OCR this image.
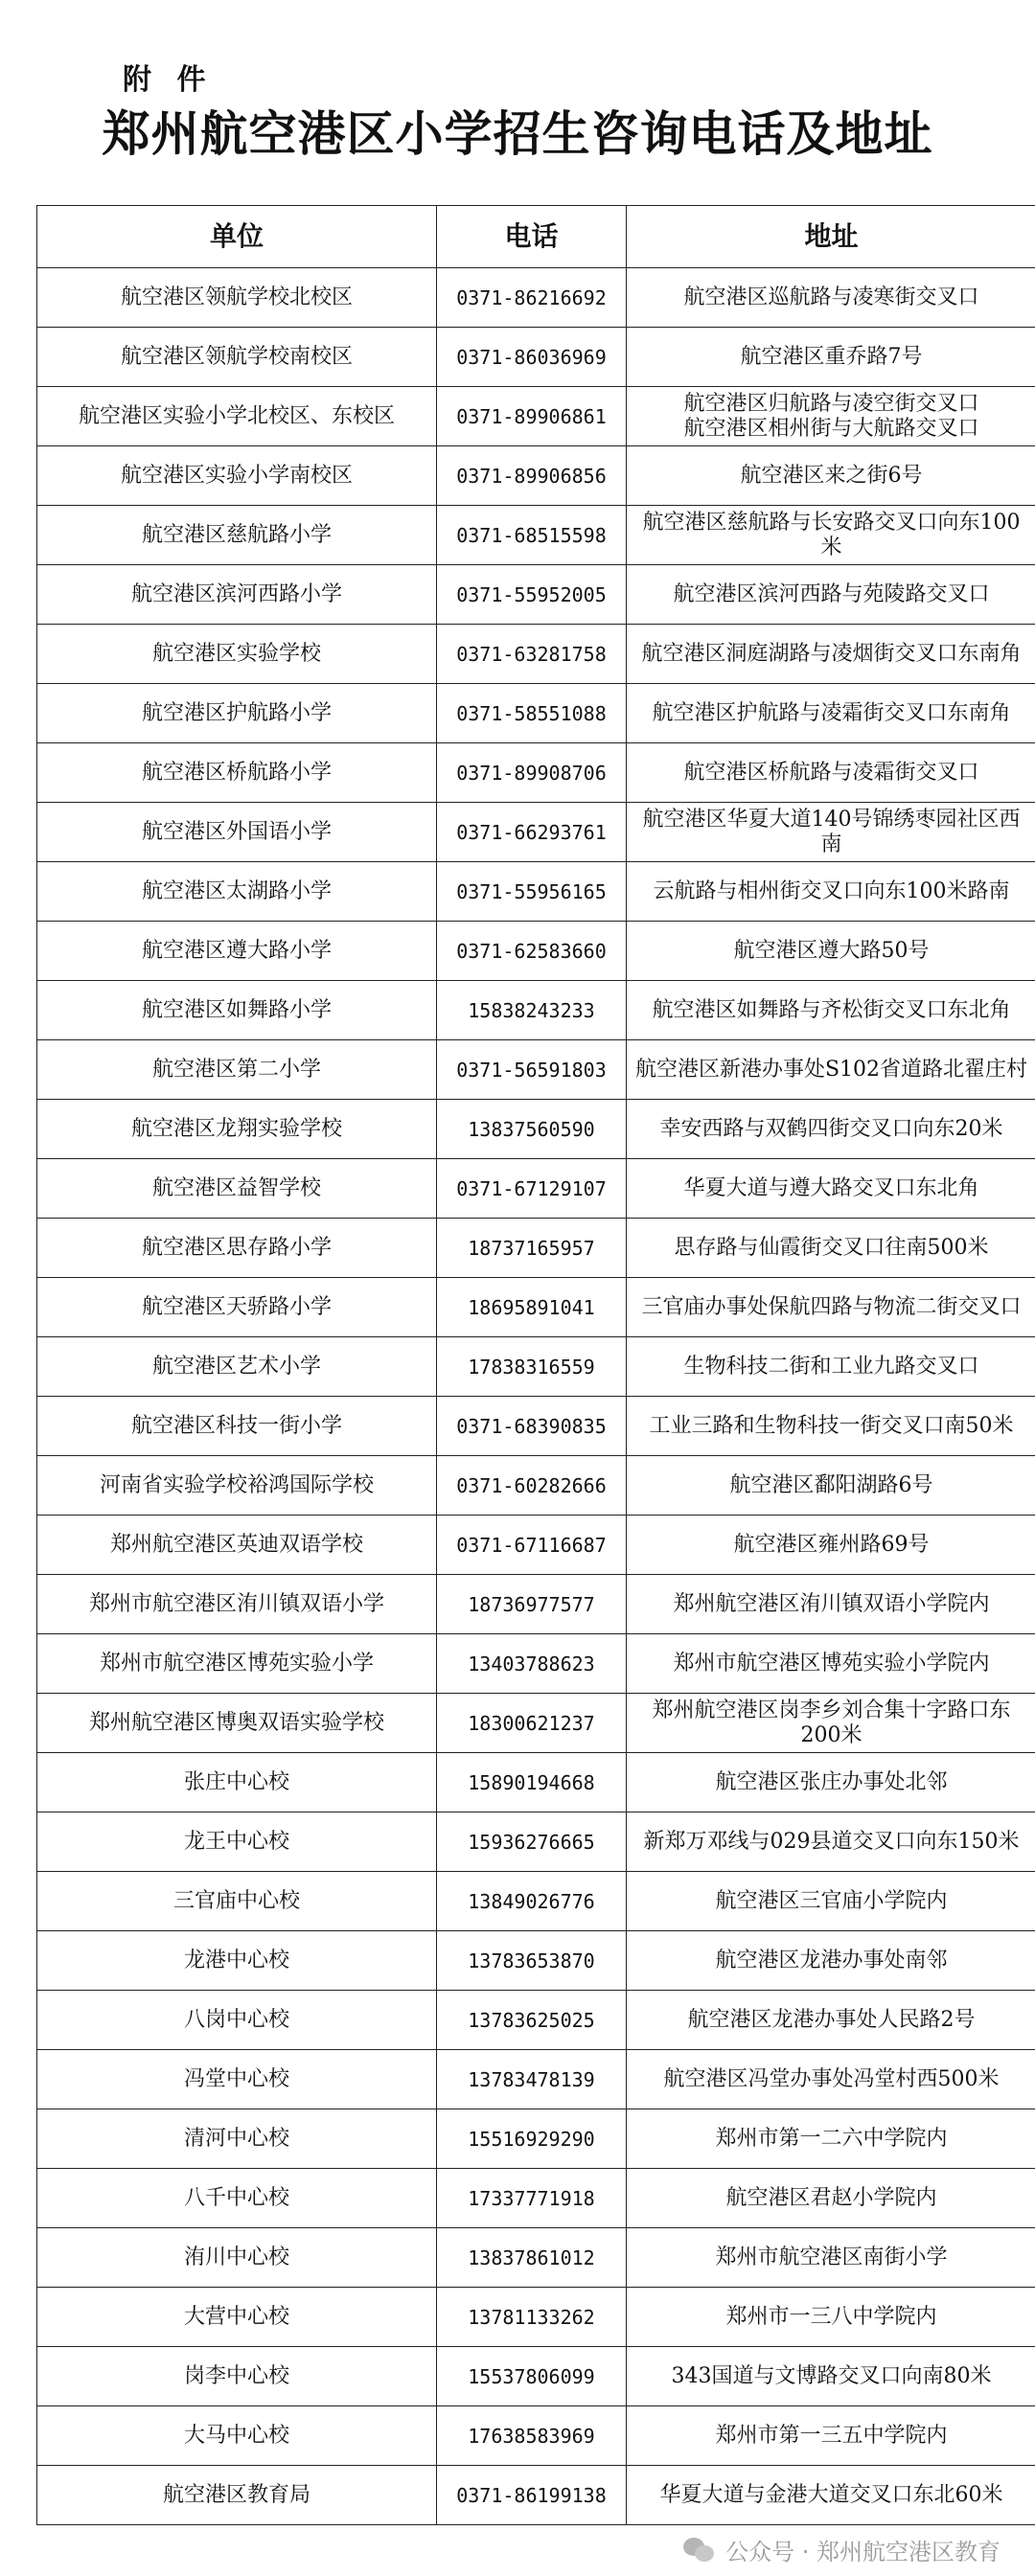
附 件
郑州航空港区小学招生咨询电话及地址
单位	电话	地址
航空港区领航学校北校区	0371-86216692	航空港区巡航路与凌寒街交叉口
航空港区领航学校南校区	0371-86036969	航空港区重乔路7号
航空港区实验小学北校区、东校区	0371-89906861	航空港区归航路与凌空街交叉口
航空港区相州街与大航路交叉口
航空港区实验小学南校区	0371-89906856	航空港区来之街6号
航空港区慈航路小学	0371-68515598	航空港区慈航路与长安路交叉口向东100米
航空港区滨河西路小学	0371-55952005	航空港区滨河西路与苑陵路交叉口
航空港区实验学校	0371-63281758	航空港区洞庭湖路与凌烟街交叉口东南角
航空港区护航路小学	0371-58551088	航空港区护航路与凌霜街交叉口东南角
航空港区桥航路小学	0371-89908706	航空港区桥航路与凌霜街交叉口
航空港区外国语小学	0371-66293761	航空港区华夏大道140号锦绣枣园社区西南
航空港区太湖路小学	0371-55956165	云航路与相州街交叉口向东100米路南
航空港区遵大路小学	0371-62583660	航空港区遵大路50号
航空港区如舞路小学	15838243233	航空港区如舞路与齐松街交叉口东北角
航空港区第二小学	0371-56591803	航空港区新港办事处S102省道路北翟庄村
航空港区龙翔实验学校	13837560590	幸安西路与双鹤四街交叉口向东20米
航空港区益智学校	0371-67129107	华夏大道与遵大路交叉口东北角
航空港区思存路小学	18737165957	思存路与仙霞街交叉口往南500米
航空港区天骄路小学	18695891041	三官庙办事处保航四路与物流二街交叉口
航空港区艺术小学	17838316559	生物科技二街和工业九路交叉口
航空港区科技一街小学	0371-68390835	工业三路和生物科技一街交叉口南50米
河南省实验学校裕鸿国际学校	0371-60282666	航空港区鄱阳湖路6号
郑州航空港区英迪双语学校	0371-67116687	航空港区雍州路69号
郑州市航空港区洧川镇双语小学	18736977577	郑州航空港区洧川镇双语小学院内
郑州市航空港区博苑实验小学	13403788623	郑州市航空港区博苑实验小学院内
郑州航空港区博奥双语实验学校	18300621237	郑州航空港区岗李乡刘合集十字路口东200米
张庄中心校	15890194668	航空港区张庄办事处北邻
龙王中心校	15936276665	新郑万邓线与029县道交叉口向东150米
三官庙中心校	13849026776	航空港区三官庙小学院内
龙港中心校	13783653870	航空港区龙港办事处南邻
八岗中心校	13783625025	航空港区龙港办事处人民路2号
冯堂中心校	13783478139	航空港区冯堂办事处冯堂村西500米
清河中心校	15516929290	郑州市第一二六中学院内
八千中心校	17337771918	航空港区君赵小学院内
洧川中心校	13837861012	郑州市航空港区南街小学
大营中心校	13781133262	郑州市一三八中学院内
岗李中心校	15537806099	343国道与文博路交叉口向南80米
大马中心校	17638583969	郑州市第一三五中学院内
航空港区教育局	0371-86199138	华夏大道与金港大道交叉口东北60米
公众号 · 郑州航空港区教育
